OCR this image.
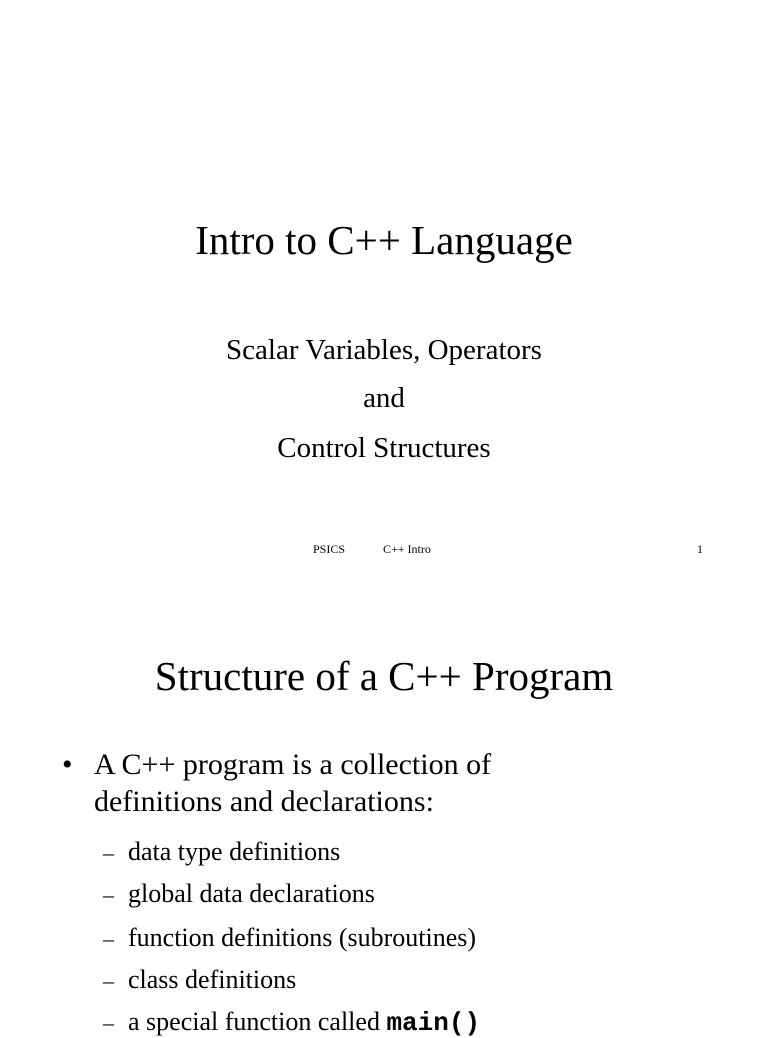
Intro to C++ Language
Scalar Variables, Operators
and
Control Structures
PSICS	C++ Intro	1
Structure of a C++ Program
• A C++ program is a collection of
definitions and declarations:
– data type definitions
– global data declarations
– function definitions (subroutines)
– class definitions
– a special function called main()
